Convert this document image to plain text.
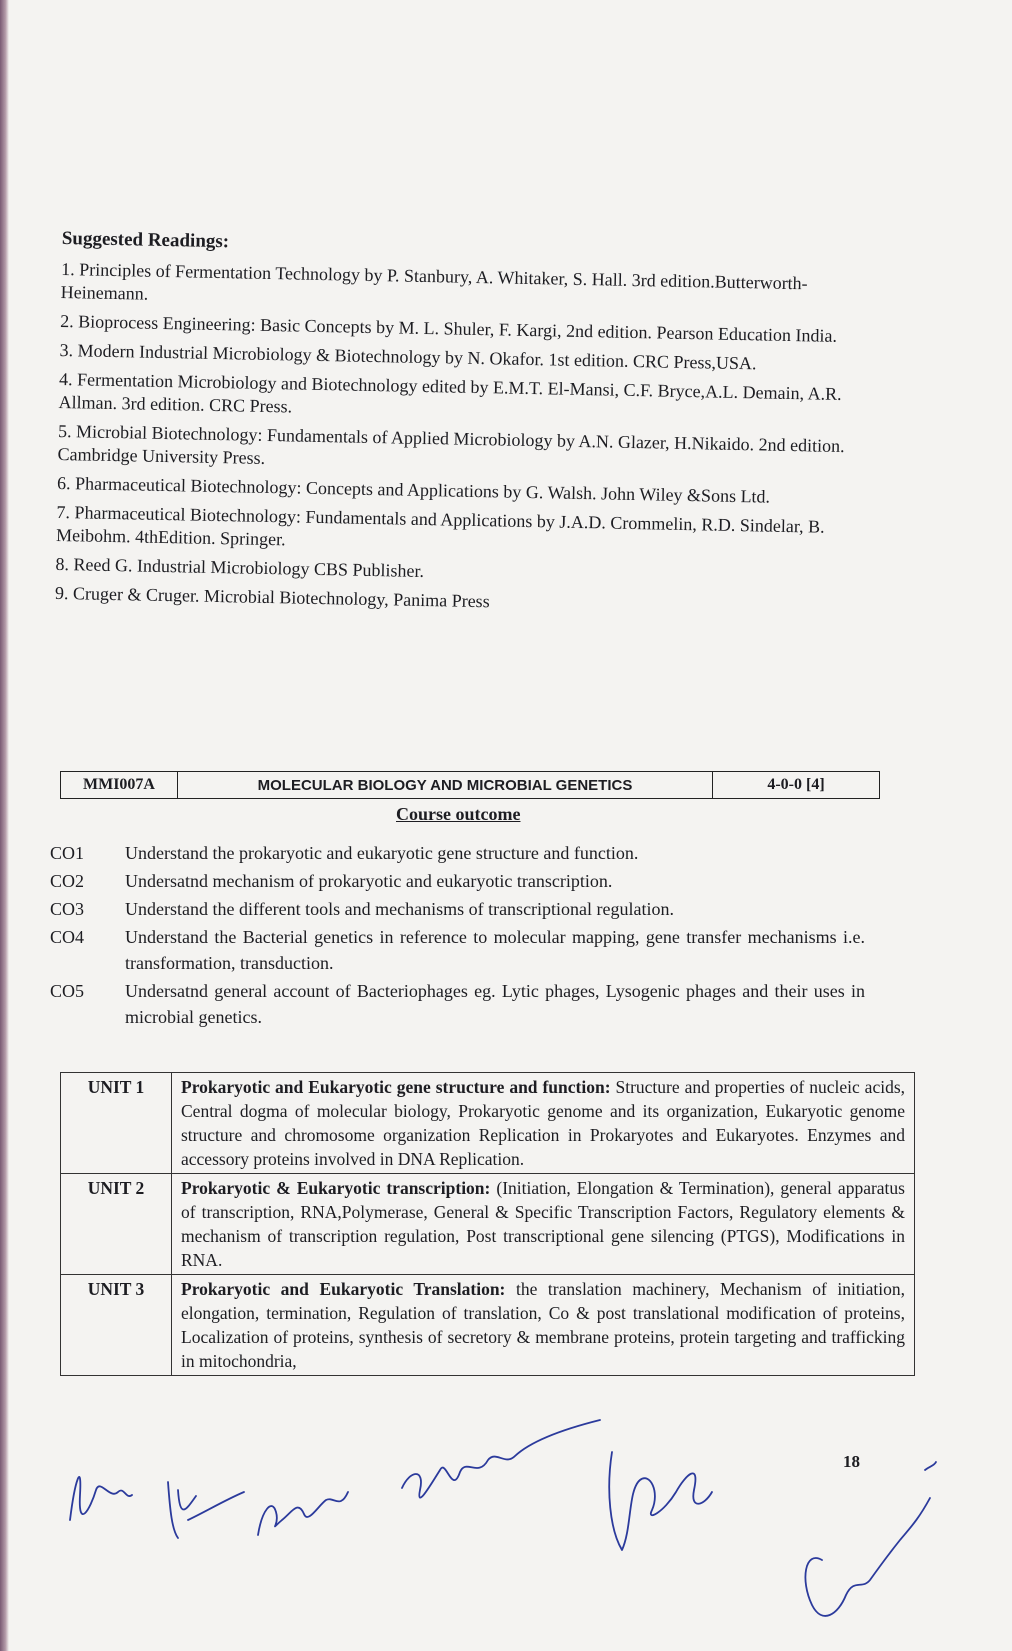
Suggested Readings:
1. Principles of Fermentation Technology by P. Stanbury, A. Whitaker, S. Hall. 3rd edition.Butterworth-Heinemann.
2. Bioprocess Engineering: Basic Concepts by M. L. Shuler, F. Kargi, 2nd edition. Pearson Education India.
3. Modern Industrial Microbiology & Biotechnology by N. Okafor. 1st edition. CRC Press,USA.
4. Fermentation Microbiology and Biotechnology edited by E.M.T. El-Mansi, C.F. Bryce,A.L. Demain, A.R. Allman. 3rd edition. CRC Press.
5. Microbial Biotechnology: Fundamentals of Applied Microbiology by A.N. Glazer, H.Nikaido. 2nd edition. Cambridge University Press.
6. Pharmaceutical Biotechnology: Concepts and Applications by G. Walsh. John Wiley &Sons Ltd.
7. Pharmaceutical Biotechnology: Fundamentals and Applications by J.A.D. Crommelin, R.D. Sindelar, B. Meibohm. 4thEdition. Springer.
8. Reed G. Industrial Microbiology CBS Publisher.
9. Cruger & Cruger. Microbial Biotechnology, Panima Press
MMI007A	MOLECULAR BIOLOGY AND MICROBIAL GENETICS	4-0-0 [4]
Course outcome
CO1 Understand the prokaryotic and eukaryotic gene structure and function.
CO2 Undersatnd mechanism of prokaryotic and eukaryotic transcription.
CO3 Understand the different tools and mechanisms of transcriptional regulation.
CO4 Understand the Bacterial genetics in reference to molecular mapping, gene transfer mechanisms i.e. transformation, transduction.
CO5 Undersatnd general account of Bacteriophages eg. Lytic phages, Lysogenic phages and their uses in microbial genetics.
UNIT 1	Prokaryotic and Eukaryotic gene structure and function: Structure and properties of nucleic acids, Central dogma of molecular biology, Prokaryotic genome and its organization, Eukaryotic genome structure and chromosome organization Replication in Prokaryotes and Eukaryotes. Enzymes and accessory proteins involved in DNA Replication.
UNIT 2	Prokaryotic & Eukaryotic transcription: (Initiation, Elongation & Termination), general apparatus of transcription, RNA,Polymerase, General & Specific Transcription Factors, Regulatory elements & mechanism of transcription regulation, Post transcriptional gene silencing (PTGS), Modifications in RNA.
UNIT 3	Prokaryotic and Eukaryotic Translation: the translation machinery, Mechanism of initiation, elongation, termination, Regulation of translation, Co & post translational modification of proteins, Localization of proteins, synthesis of secretory & membrane proteins, protein targeting and trafficking in mitochondria,
18
